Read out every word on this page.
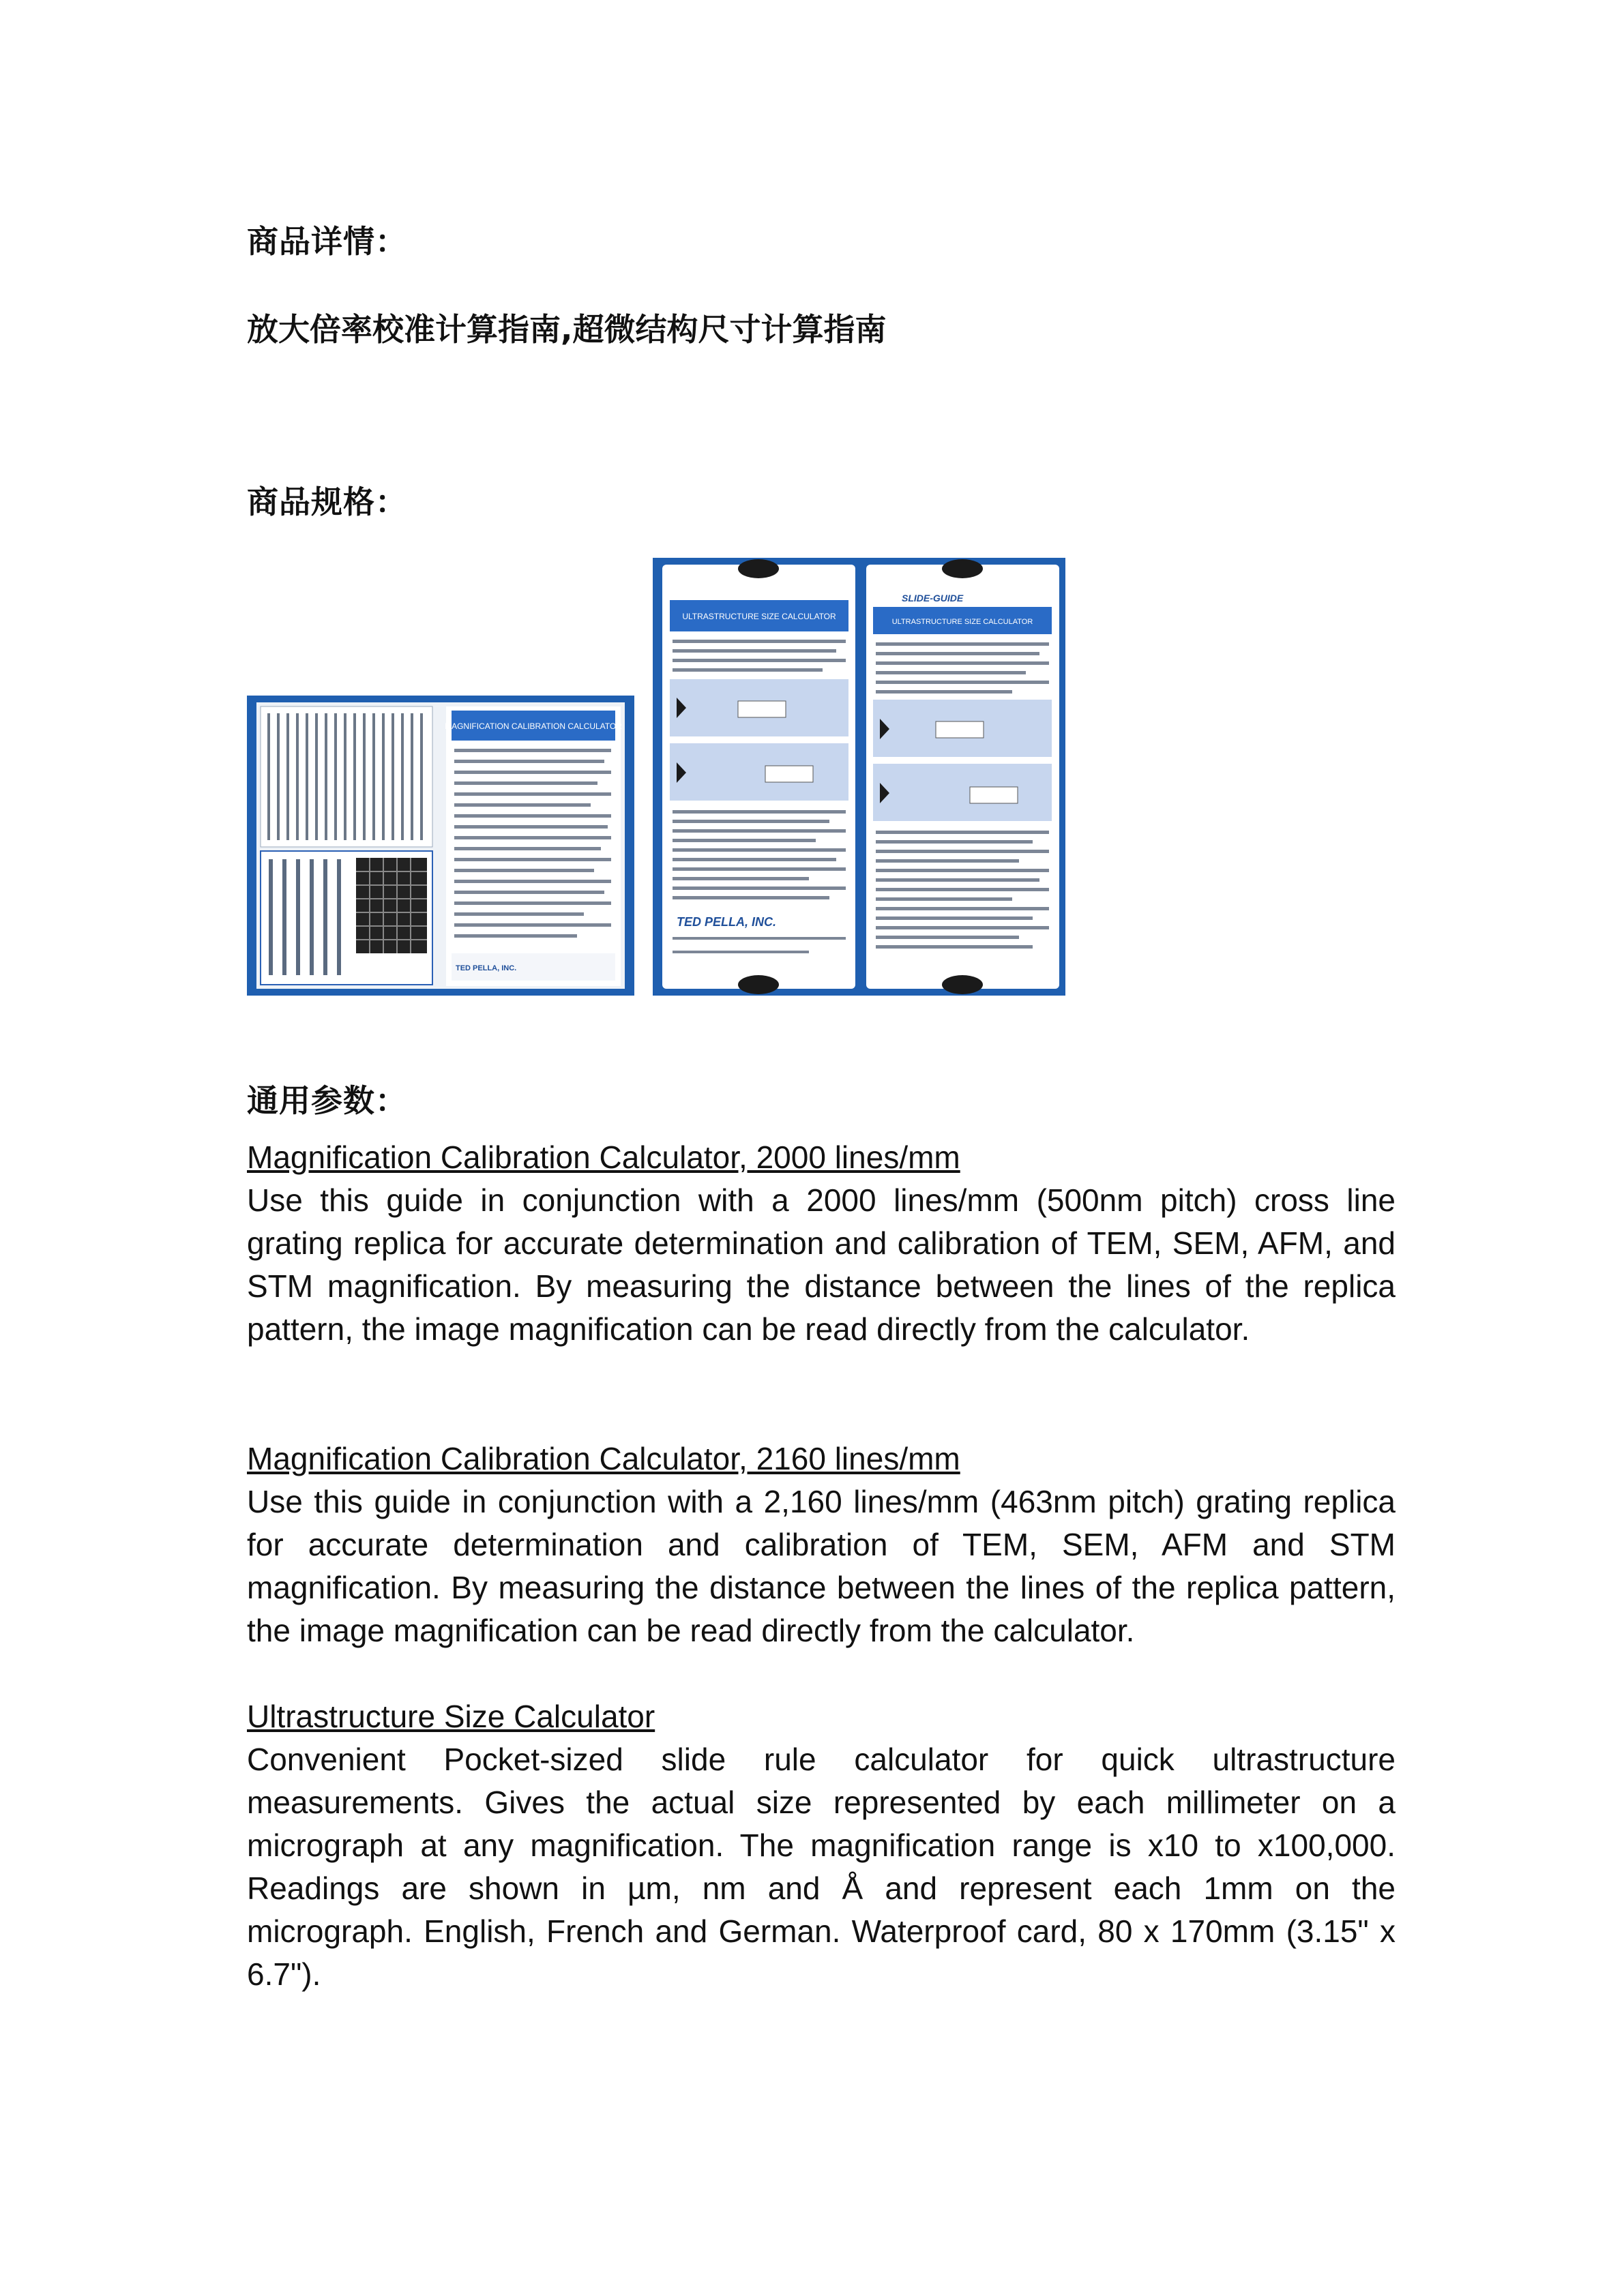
商品详情：
放大倍率校准计算指南,超微结构尺寸计算指南
商品规格：
MAGNIFICATION CALIBRATION CALCULATOR
TED PELLA, INC.
ULTRASTRUCTURE SIZE CALCULATOR
TED PELLA, INC.
SLIDE-GUIDE
ULTRASTRUCTURE SIZE CALCULATOR
通用参数：
Magnification Calibration Calculator, 2000 lines/mm
Use this guide in conjunction with a 2000 lines/mm (500nm pitch) cross line grating replica for accurate determination and calibration of TEM, SEM, AFM, and STM magnification. By measuring the distance between the lines of the replica pattern, the image magnification can be read directly from the calculator.
Magnification Calibration Calculator, 2160 lines/mm
Use this guide in conjunction with a 2,160 lines/mm (463nm pitch) grating replica for accurate determination and calibration of TEM, SEM, AFM and STM magnification. By measuring the distance between the lines of the replica pattern, the image magnification can be read directly from the calculator.
Ultrastructure Size Calculator
Convenient Pocket-sized slide rule calculator for quick ultrastructure measurements. Gives the actual size represented by each millimeter on a micrograph at any magnification. The magnification range is x10 to x100,000. Readings are shown in µm, nm and Å and represent each 1mm on the micrograph. English, French and German. Waterproof card, 80 x 170mm (3.15" x 6.7").
